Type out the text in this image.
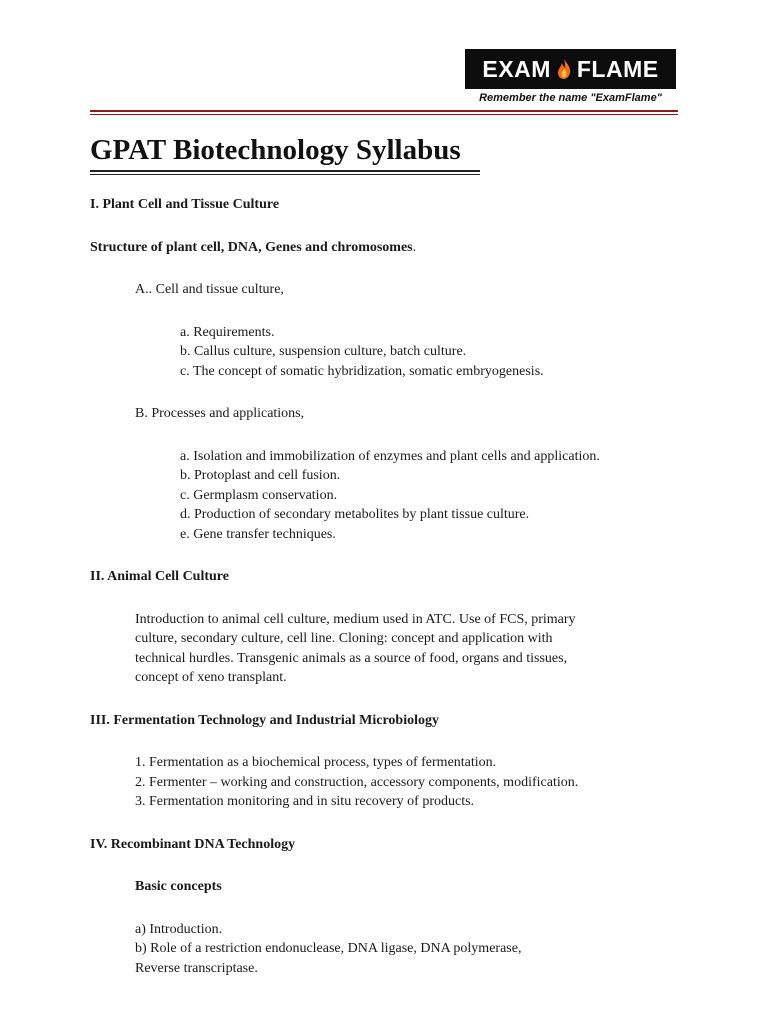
EXAM FLAME
Remember the name "ExamFlame"
GPAT Biotechnology Syllabus

I. Plant Cell and Tissue Culture

Structure of plant cell, DNA, Genes and chromosomes.

A.. Cell and tissue culture,

a. Requirements.

b. Callus culture, suspension culture, batch culture.

c. The concept of somatic hybridization, somatic embryogenesis.

B. Processes and applications,

a. Isolation and immobilization of enzymes and plant cells and application.

b. Protoplast and cell fusion.

c. Germplasm conservation.

d. Production of secondary metabolites by plant tissue culture.

e. Gene transfer techniques.

II. Animal Cell Culture

Introduction to animal cell culture, medium used in ATC. Use of FCS, primary

culture, secondary culture, cell line. Cloning: concept and application with

technical hurdles. Transgenic animals as a source of food, organs and tissues,

concept of xeno transplant.

III. Fermentation Technology and Industrial Microbiology

1. Fermentation as a biochemical process, types of fermentation.

2. Fermenter – working and construction, accessory components, modification.

3. Fermentation monitoring and in situ recovery of products.

IV. Recombinant DNA Technology

Basic concepts

a) Introduction.

b) Role of a restriction endonuclease, DNA ligase, DNA polymerase,

Reverse transcriptase.
